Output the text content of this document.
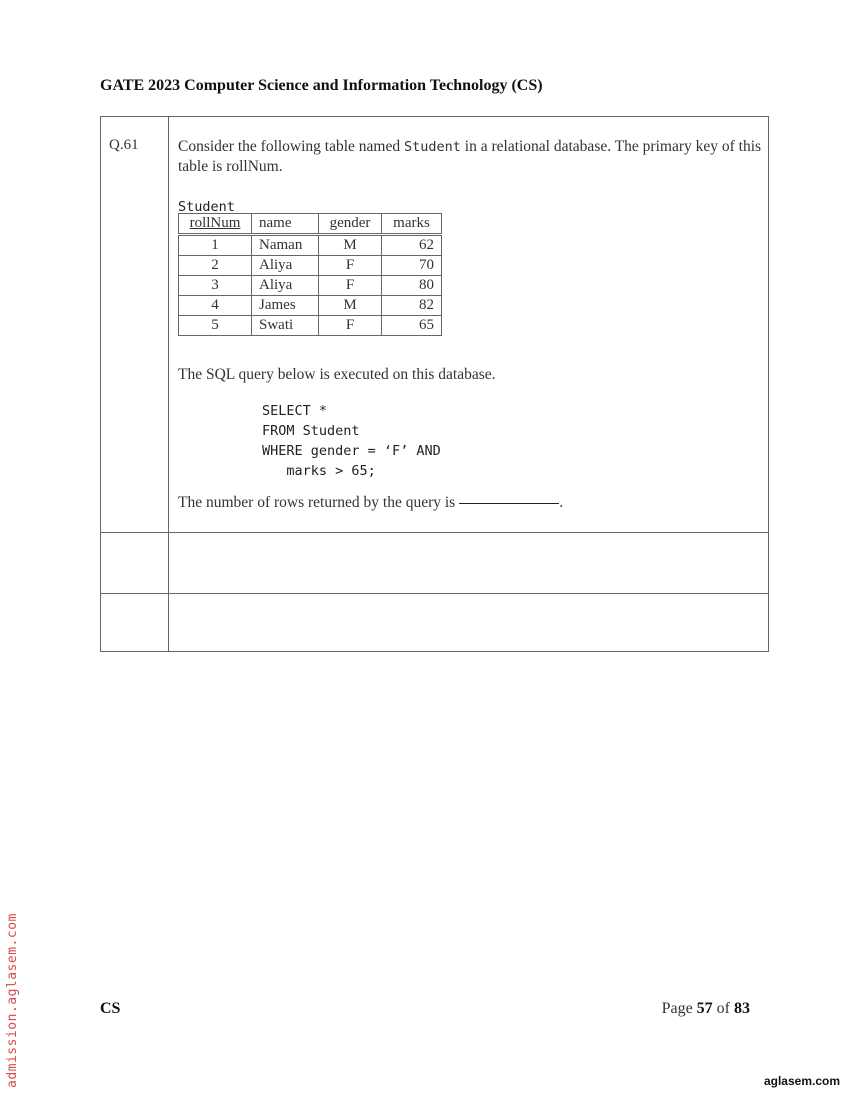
GATE 2023 Computer Science and Information Technology (CS)
Q.61	Consider the following table named Student in a relational database. The primary key of this table is rollNum.
Student
rollNum	name	gender	marks
1	Naman	M	62
2	Aliya	F	70
3	Aliya	F	80
4	James	M	82
5	Swati	F	65
The SQL query below is executed on this database.
SELECT *
FROM Student
WHERE gender = ‘F’ AND
marks > 65;
The number of rows returned by the query is	.
CS	Page 57 of 83
admission.aglasem.com	aglasem.com
